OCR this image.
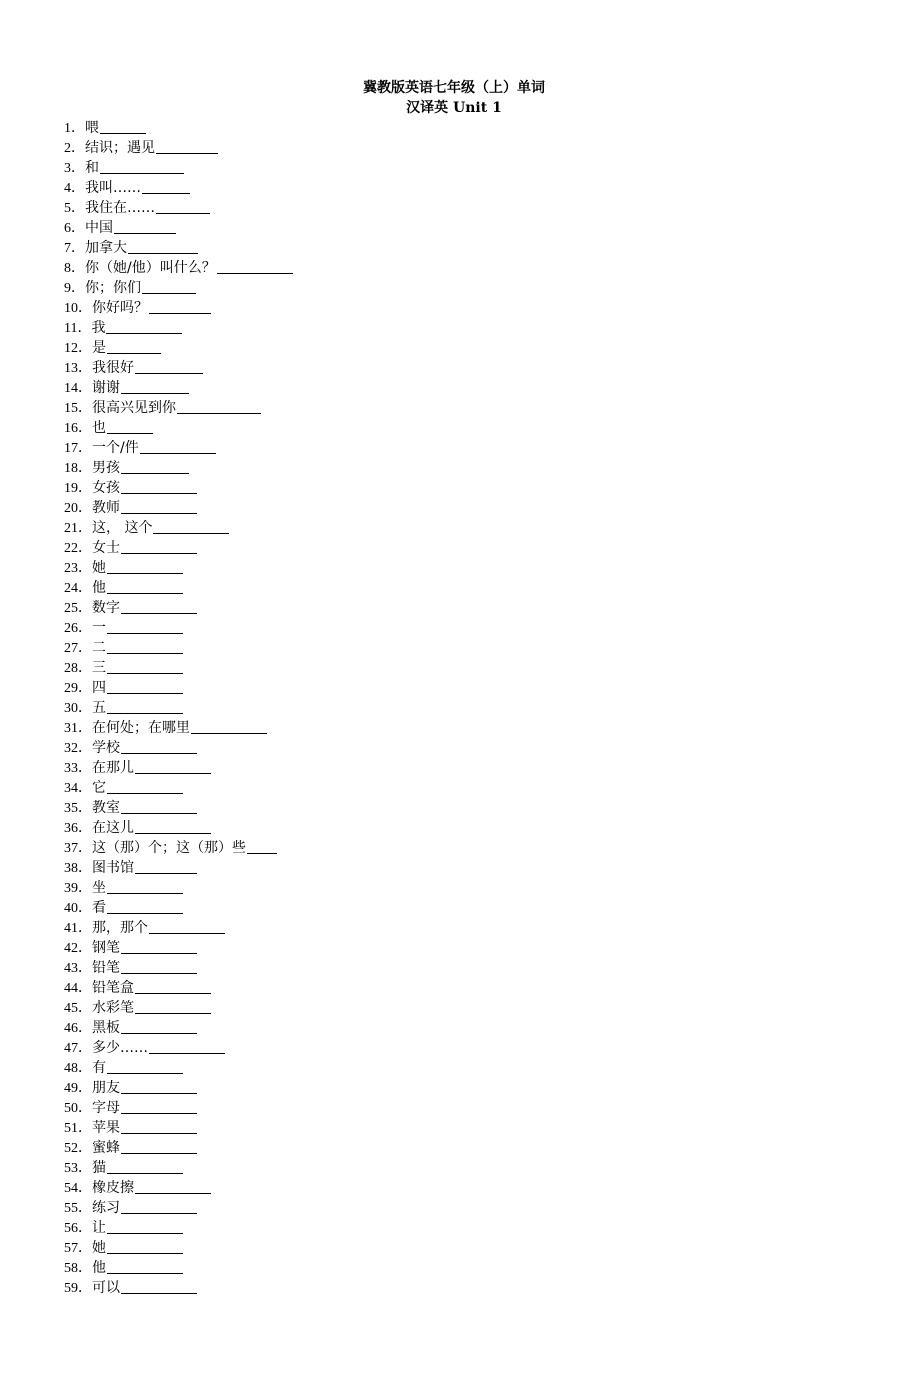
冀教版英语七年级（上）单词
汉译英 Unit 1
1． 喂
2． 结识；遇见
3． 和
4． 我叫……
5． 我住在……
6． 中国
7． 加拿大
8． 你（她/他）叫什么？
9． 你；你们
10． 你好吗？
11． 我
12． 是
13． 我很好
14． 谢谢
15． 很高兴见到你
16． 也
17． 一个/件
18． 男孩
19． 女孩
20． 教师
21． 这， 这个
22． 女士
23． 她
24． 他
25． 数字
26． 一
27． 二
28． 三
29． 四
30． 五
31． 在何处；在哪里
32． 学校
33． 在那儿
34． 它
35． 教室
36． 在这儿
37． 这（那）个；这（那）些
38． 图书馆
39． 坐
40． 看
41． 那，那个
42． 钢笔
43． 铅笔
44． 铅笔盒
45． 水彩笔
46． 黑板
47． 多少……
48． 有
49． 朋友
50． 字母
51． 苹果
52． 蜜蜂
53． 猫
54． 橡皮擦
55． 练习
56． 让
57． 她
58． 他
59． 可以
